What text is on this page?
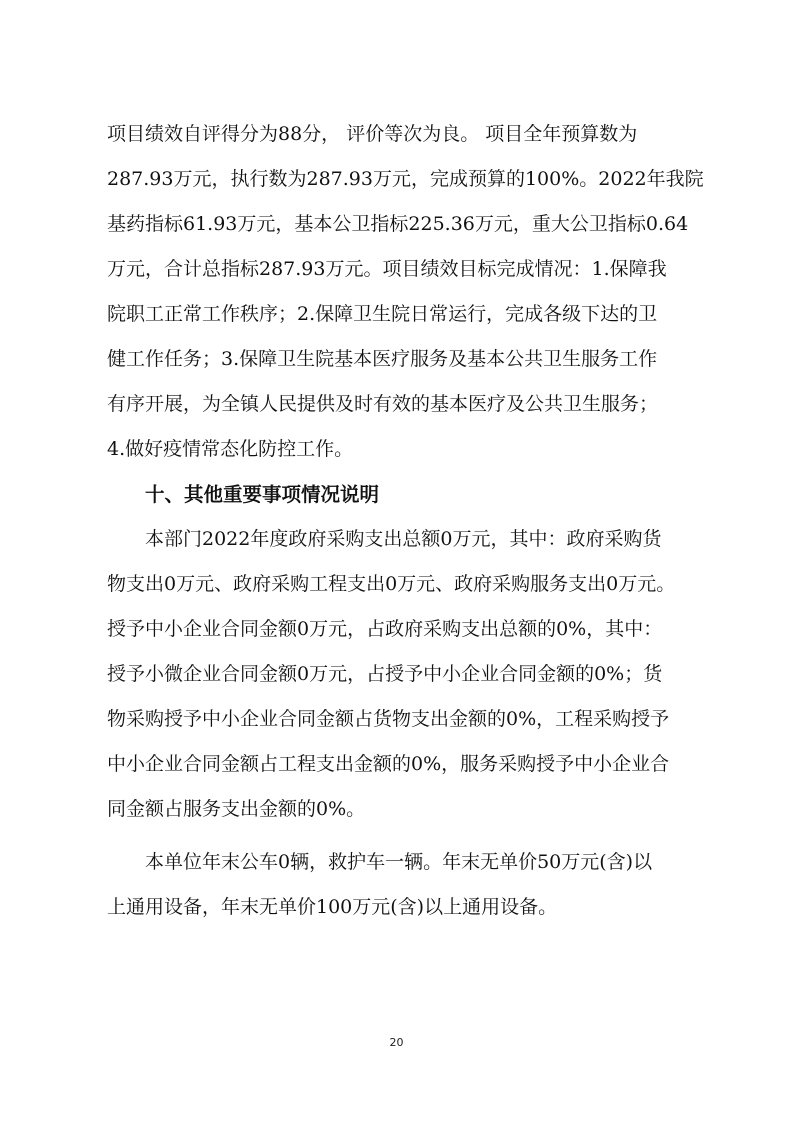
项目绩效自评得分为88分， 评价等次为良。 项目全年预算数为
287.93万元，执行数为287.93万元，完成预算的100%。2022年我院
基药指标61.93万元，基本公卫指标225.36万元，重大公卫指标0.64
万元，合计总指标287.93万元。项目绩效目标完成情况：1.保障我
院职工正常工作秩序；2.保障卫生院日常运行，完成各级下达的卫
健工作任务；3.保障卫生院基本医疗服务及基本公共卫生服务工作
有序开展，为全镇人民提供及时有效的基本医疗及公共卫生服务；
4.做好疫情常态化防控工作。
十、其他重要事项情况说明
本部门2022年度政府采购支出总额0万元，其中：政府采购货
物支出0万元、政府采购工程支出0万元、政府采购服务支出0万元。
授予中小企业合同金额0万元，占政府采购支出总额的0%，其中：
授予小微企业合同金额0万元，占授予中小企业合同金额的0%；货
物采购授予中小企业合同金额占货物支出金额的0%，工程采购授予
中小企业合同金额占工程支出金额的0%，服务采购授予中小企业合
同金额占服务支出金额的0%。
本单位年末公车0辆，救护车一辆。年末无单价50万元(含)以
上通用设备，年末无单价100万元(含)以上通用设备。
20
